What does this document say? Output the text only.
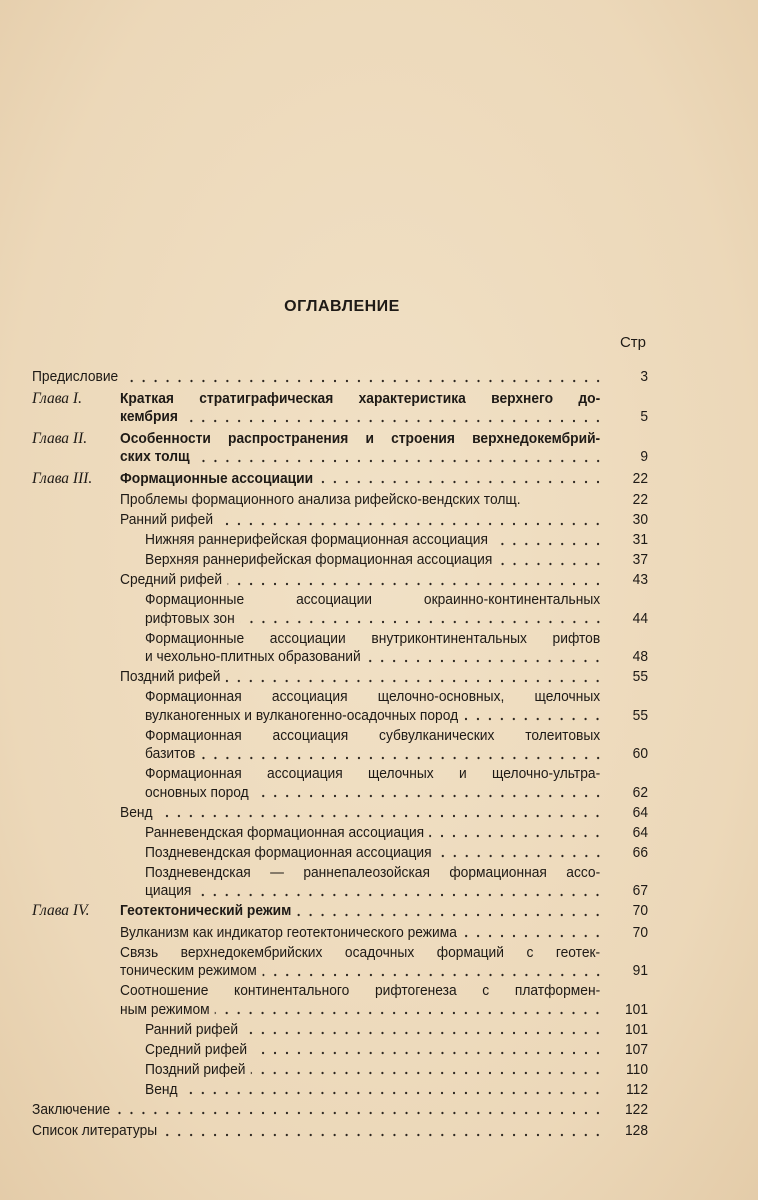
ОГЛАВЛЕНИЕ
Стр
Предисловие	3
Глава I.	Краткая стратиграфическая характеристика верхнего до-
кембрия	5
Глава II. Особенности распространения и строения верхнедокембрий-
ских толщ	9
Глава III. Формационные ассоциации	22
Проблемы формационного анализа рифейско-вендских толщ.	22
Ранний рифей	30
Нижняя раннерифейская формационная ассоциация	31
Верхняя раннерифейская формационная ассоциация	37
Средний рифей	43
Формационные ассоциации окраинно-континентальных
рифтовых зон	44
Формационные ассоциации внутриконтинентальных рифтов
и чехольно-плитных образований	48
Поздний рифей	55
Формационная ассоциация щелочно-основных, щелочных
вулканогенных и вулканогенно-осадочных пород	55
Формационная ассоциация субвулканических толеитовых
базитов	60
Формационная ассоциация щелочных и щелочно-ультра-
основных пород	62
Венд	64
Ранневендская формационная ассоциация	64
Поздневендская формационная ассоциация	66
Поздневендская — раннепалеозойская формационная ассо-
циация	67
Глава IV. Геотектонический режим	70
Вулканизм как индикатор геотектонического режима	70
Связь верхнедокембрийских осадочных формаций с геотек-
тоническим режимом	91
Соотношение континентального рифтогенеза с платформен-
ным режимом	101
Ранний рифей	101
Средний рифей	107
Поздний рифей	110
Венд	112
Заключение	122
Список литературы	128
